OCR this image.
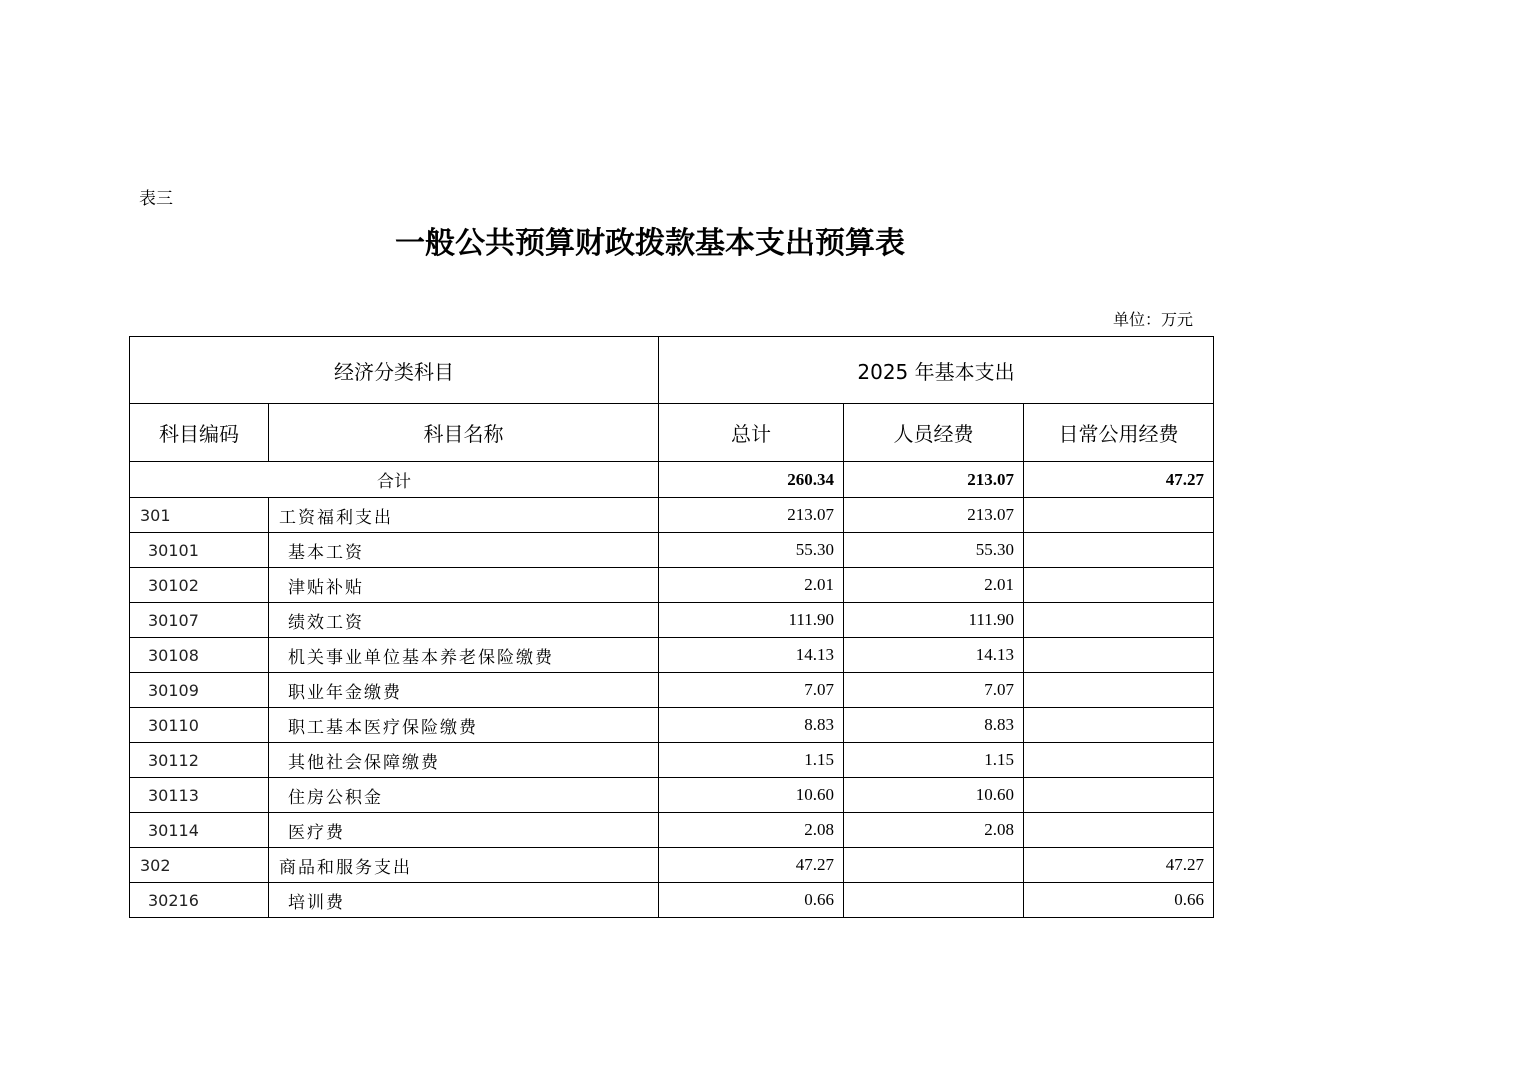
表三
一般公共预算财政拨款基本支出预算表
单位：万元
经济分类科目		2025 年基本支出		
科目编码	科目名称	总计	人员经费	日常公用经费
合计		260.34	213.07	47.27
301	工资福利支出	213.07	213.07	
30101	基本工资	55.30	55.30	
30102	津贴补贴	2.01	2.01	
30107	绩效工资	111.90	111.90	
30108	机关事业单位基本养老保险缴费	14.13	14.13	
30109	职业年金缴费	7.07	7.07	
30110	职工基本医疗保险缴费	8.83	8.83	
30112	其他社会保障缴费	1.15	1.15	
30113	住房公积金	10.60	10.60	
30114	医疗费	2.08	2.08	
302	商品和服务支出	47.27		47.27
30216	培训费	0.66		0.66
